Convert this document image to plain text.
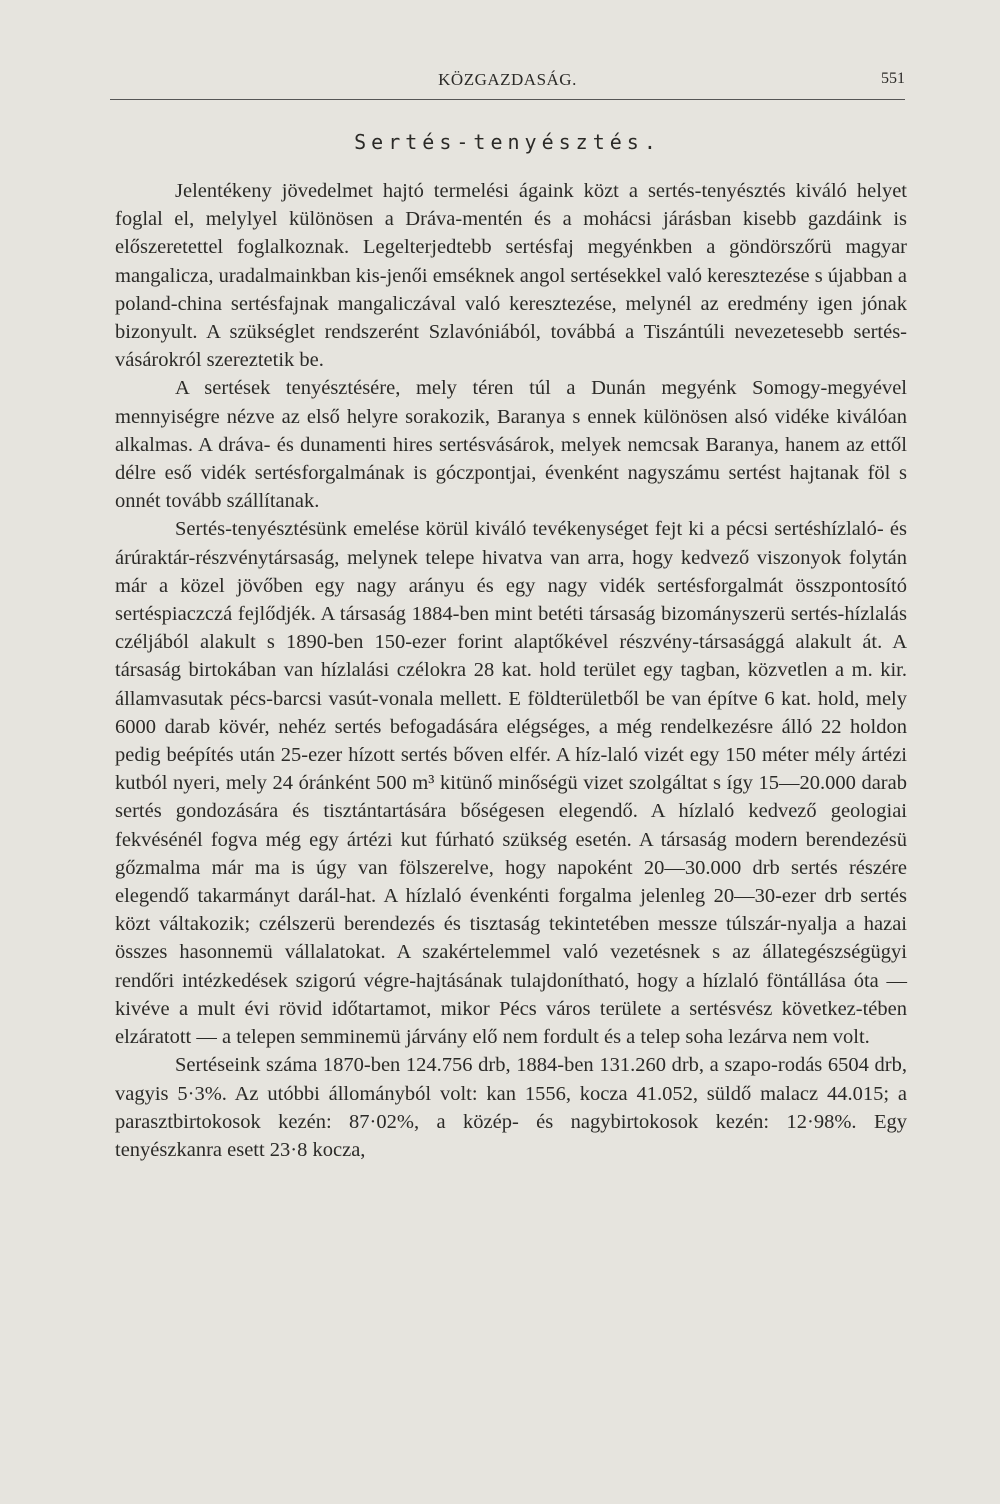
KÖZGAZDASÁG.	551
Sertés-tenyésztés.

Jelentékeny jövedelmet hajtó termelési ágaink közt a sertés-tenyésztés kiváló helyet foglal el, melylyel különösen a Dráva-mentén és a mohácsi járásban kisebb gazdáink is előszeretettel foglalkoznak. Legelterjedtebb sertésfaj megyénkben a göndörszőrü magyar mangalicza, uradalmainkban kis-jenői emséknek angol sertésekkel való keresztezése s újabban a poland-china sertésfajnak mangaliczával való keresztezése, melynél az eredmény igen jónak bizonyult. A szükséglet rendszerént Szlavóniából, továbbá a Tiszántúli nevezetesebb sertés-vásárokról szereztetik be.

A sertések tenyésztésére, mely téren túl a Dunán megyénk Somogy-megyével mennyiségre nézve az első helyre sorakozik, Baranya s ennek különösen alsó vidéke kiválóan alkalmas. A dráva- és dunamenti hires sertésvásárok, melyek nemcsak Baranya, hanem az ettől délre eső vidék sertésforgalmának is góczpontjai, évenként nagyszámu sertést hajtanak föl s onnét tovább szállítanak.

Sertés-tenyésztésünk emelése körül kiváló tevékenységet fejt ki a pécsi sertéshízlaló- és árúraktár-részvénytársaság, melynek telepe hivatva van arra, hogy kedvező viszonyok folytán már a közel jövőben egy nagy arányu és egy nagy vidék sertésforgalmát összpontosító sertéspiaczczá fejlődjék. A társaság 1884-ben mint betéti társaság bizományszerü sertés-hízlalás czéljából alakult s 1890-ben 150-ezer forint alaptőkével részvény-társasággá alakult át. A társaság birtokában van hízlalási czélokra 28 kat. hold terület egy tagban, közvetlen a m. kir. államvasutak pécs-barcsi vasút-vonala mellett. E földterületből be van építve 6 kat. hold, mely 6000 darab kövér, nehéz sertés befogadására elégséges, a még rendelkezésre álló 22 holdon pedig beépítés után 25-ezer hízott sertés bőven elfér. A híz-laló vizét egy 150 méter mély ártézi kutból nyeri, mely 24 óránként 500 m³ kitünő minőségü vizet szolgáltat s így 15—20.000 darab sertés gondozására és tisztántartására bőségesen elegendő. A hízlaló kedvező geologiai fekvésénél fogva még egy ártézi kut fúrható szükség esetén. A társaság modern berendezésü gőzmalma már ma is úgy van fölszerelve, hogy napoként 20—30.000 drb sertés részére elegendő takarmányt darál-hat. A hízlaló évenkénti forgalma jelenleg 20—30-ezer drb sertés közt váltakozik; czélszerü berendezés és tisztaság tekintetében messze túlszár-nyalja a hazai összes hasonnemü vállalatokat. A szakértelemmel való vezetésnek s az állategészségügyi rendőri intézkedések szigorú végre-hajtásának tulajdonítható, hogy a hízlaló föntállása óta — kivéve a mult évi rövid időtartamot, mikor Pécs város területe a sertésvész következ-tében elzáratott — a telepen semminemü járvány elő nem fordult és a telep soha lezárva nem volt.

Sertéseink száma 1870-ben 124.756 drb, 1884-ben 131.260 drb, a szapo-rodás 6504 drb, vagyis 5·3%. Az utóbbi állományból volt: kan 1556, kocza 41.052, süldő malacz 44.015; a parasztbirtokosok kezén: 87·02%, a közép- és nagybirtokosok kezén: 12·98%. Egy tenyészkanra esett 23·8 kocza,
